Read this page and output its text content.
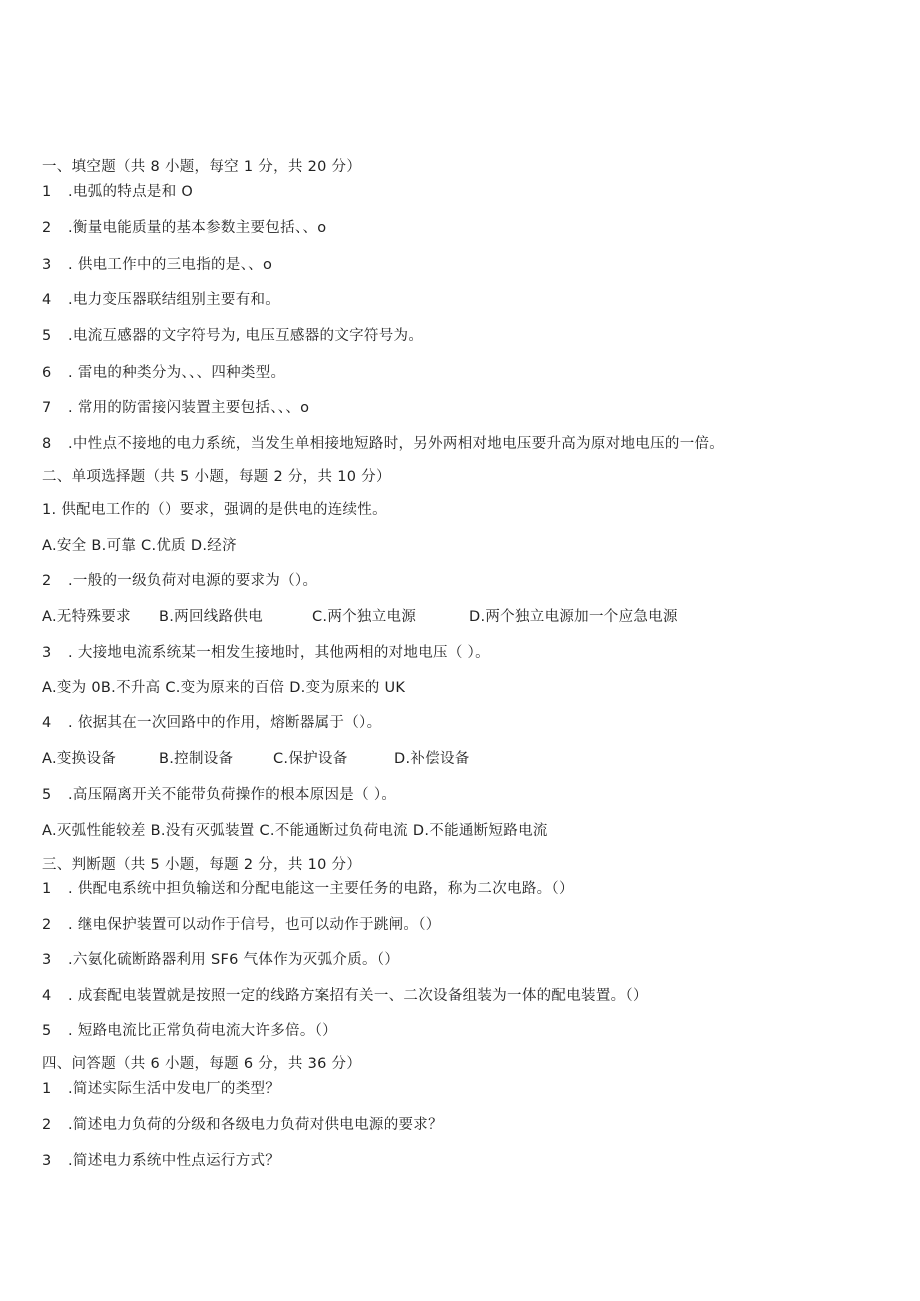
一、填空题（共 8 小题，每空 1 分，共 20 分）
1 .电弧的特点是和 O
2 .衡量电能质量的基本参数主要包括、、o
3 . 供电工作中的三电指的是、、o
4 .电力变压器联结组别主要有和。
5 .电流互感器的文字符号为, 电压互感器的文字符号为。
6 . 雷电的种类分为、、、四种类型。
7 . 常用的防雷接闪装置主要包括、、、o
8 .中性点不接地的电力系统，当发生单相接地短路时，另外两相对地电压要升高为原对地电压的一倍。
二、单项选择题（共 5 小题，每题 2 分，共 10 分）
1. 供配电工作的（）要求，强调的是供电的连续性。
A.安全 B.可靠 C.优质 D.经济
2 .一般的一级负荷对电源的要求为（）。
A.无特殊要求 B.两回线路供电	C.两个独立电源	D.两个独立电源加一个应急电源
3 . 大接地电流系统某一相发生接地时，其他两相的对地电压（ ）。
A.变为 0B.不升高 C.变为原来的百倍 D.变为原来的 UK
4 . 依据其在一次回路中的作用，熔断器属于（）。
A.变换设备	B.控制设备	C.保护设备	D.补偿设备
5 .高压隔离开关不能带负荷操作的根本原因是（ ）。
A.灭弧性能较差 B.没有灭弧装置 C.不能通断过负荷电流 D.不能通断短路电流
三、判断题（共 5 小题，每题 2 分，共 10 分）
1 . 供配电系统中担负输送和分配电能这一主要任务的电路，称为二次电路。（）
2 . 继电保护装置可以动作于信号，也可以动作于跳闸。（）
3 .六氨化硫断路器利用 SF6 气体作为灭弧介质。（）
4 . 成套配电装置就是按照一定的线路方案招有关一、二次设备组装为一体的配电装置。（）
5 . 短路电流比正常负荷电流大许多倍。（）
四、问答题（共 6 小题，每题 6 分，共 36 分）
1 .简述实际生活中发电厂的类型？
2 .简述电力负荷的分级和各级电力负荷对供电电源的要求？
3 .简述电力系统中性点运行方式？
